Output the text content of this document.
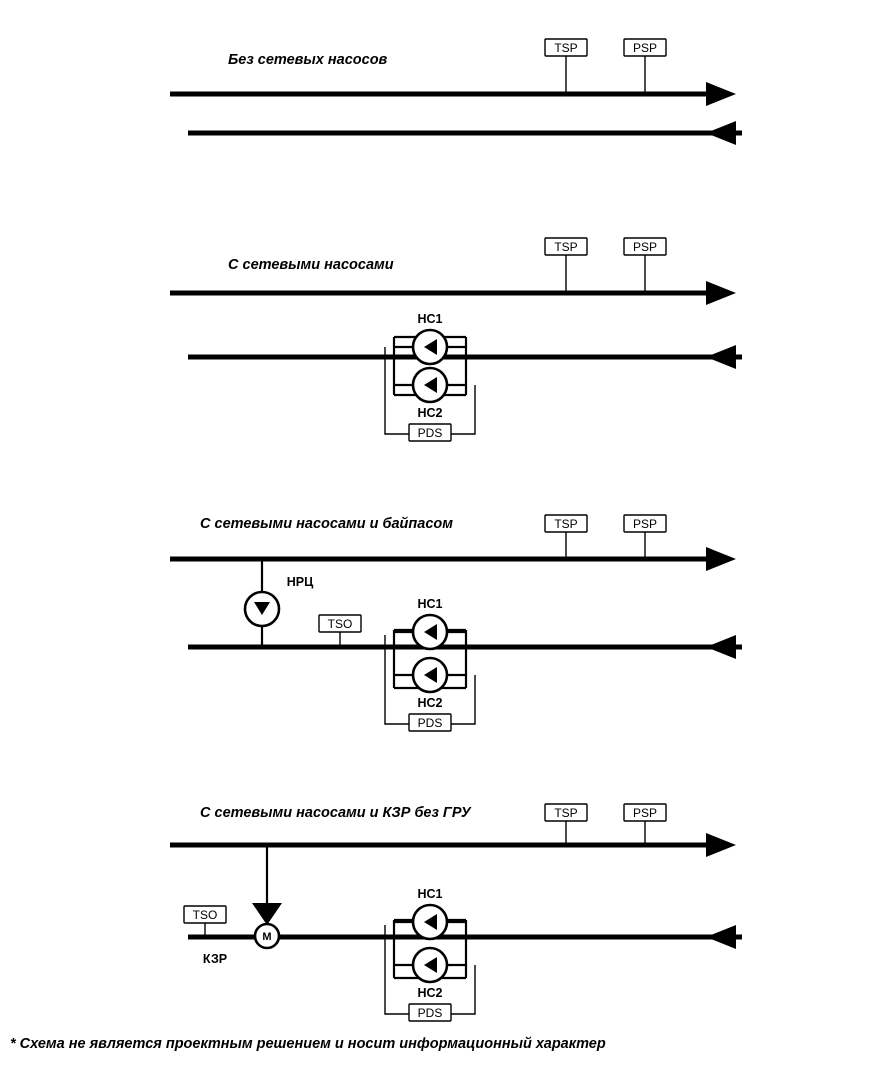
Без сетевых насосов
TSP	PSP
С сетевыми насосами
НС1
НС2
PDS
TSP	PSP
С сетевыми насосами и байпасом
НРЦ
TSO
НС1
НС2
PDS
TSP	PSP
С сетевыми насосами и КЗР без ГРУ
М
КЗР
TSO
НС1
НС2
PDS
TSP	PSP
* Схема не является проектным решением и носит информационный характер
